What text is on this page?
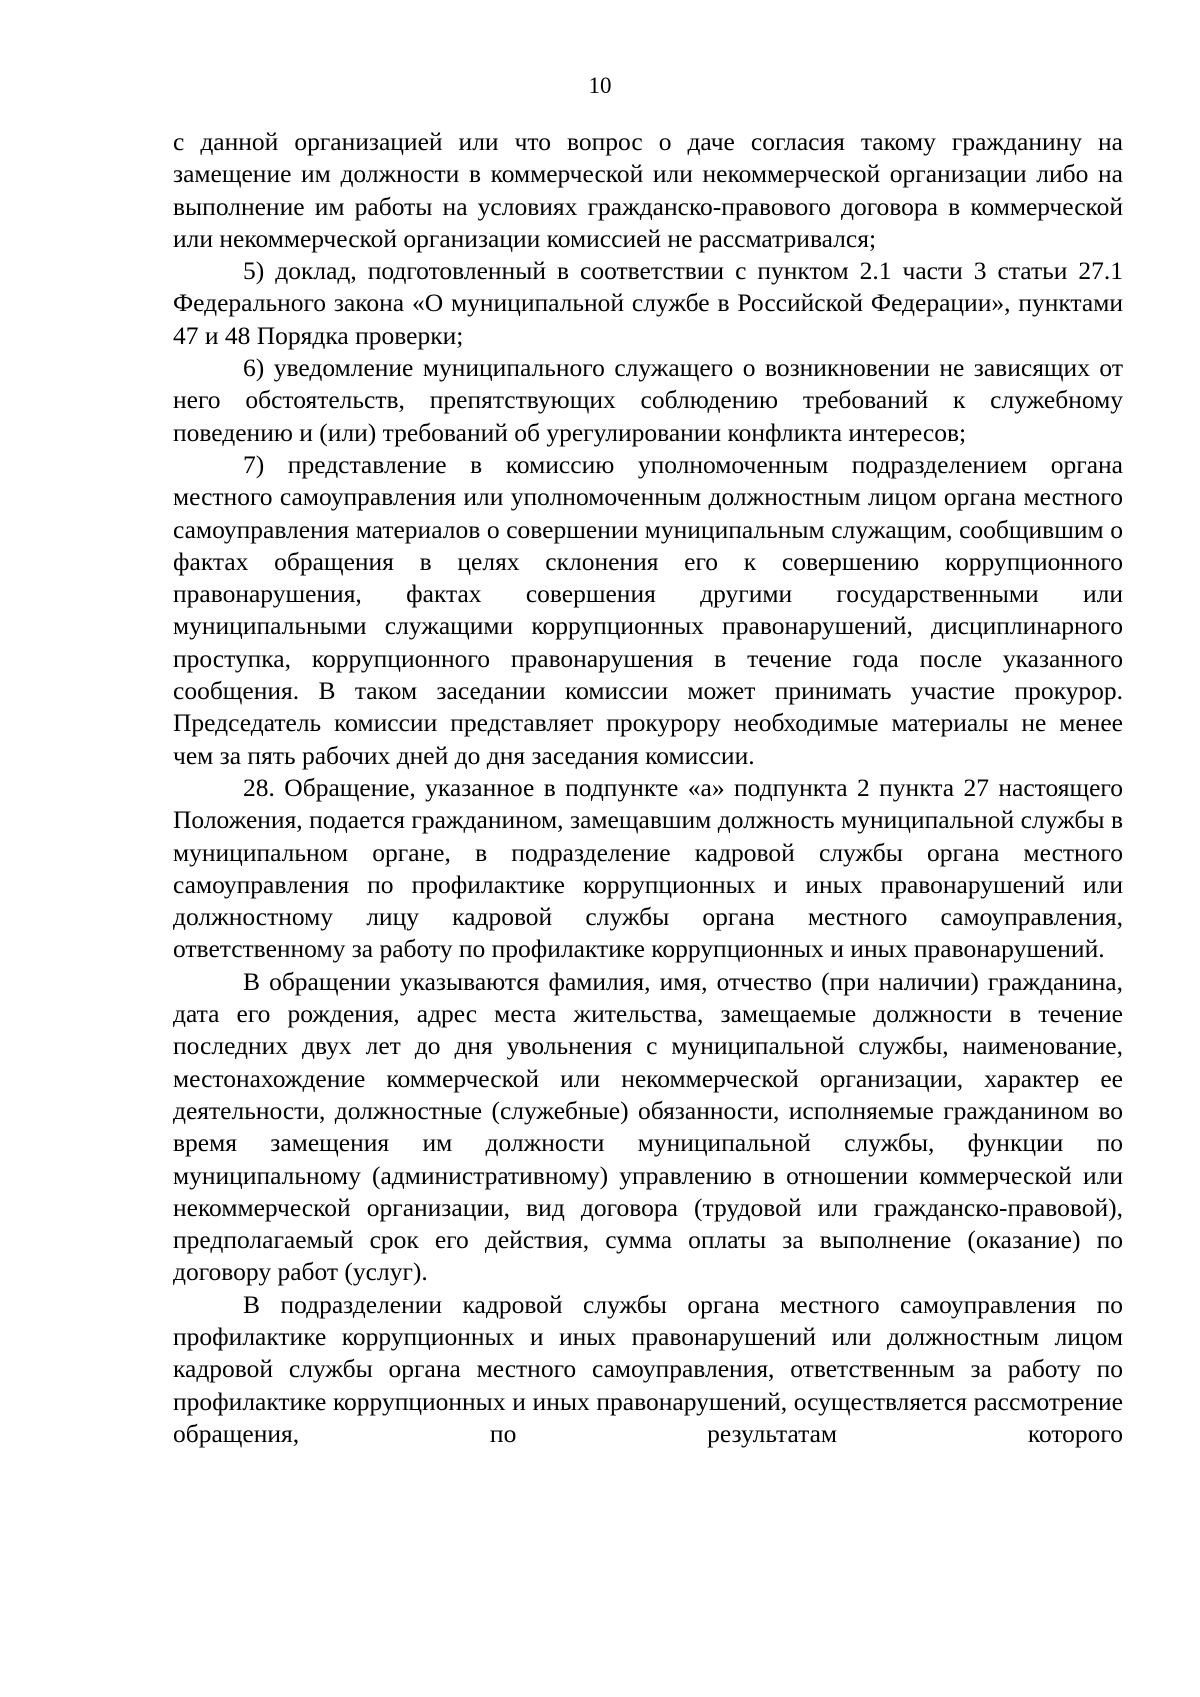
10

с данной организацией или что вопрос о даче согласия такому гражданину на замещение им должности в коммерческой или некоммерческой организации либо на выполнение им работы на условиях гражданско-правового договора в коммерческой или некоммерческой организации комиссией не рассматривался;

5) доклад, подготовленный в соответствии с пунктом 2.1 части 3 статьи 27.1 Федерального закона «О муниципальной службе в Российской Федерации», пунктами 47 и 48 Порядка проверки;

6) уведомление муниципального служащего о возникновении не зависящих от него обстоятельств, препятствующих соблюдению требований к служебному поведению и (или) требований об урегулировании конфликта интересов;

7) представление в комиссию уполномоченным подразделением органа местного самоуправления или уполномоченным должностным лицом органа местного самоуправления материалов о совершении муниципальным служащим, сообщившим о фактах обращения в целях склонения его к совершению коррупционного правонарушения, фактах совершения другими государственными или муниципальными служащими коррупционных правонарушений, дисциплинарного проступка, коррупционного правонарушения в течение года после указанного сообщения. В таком заседании комиссии может принимать участие прокурор. Председатель комиссии представляет прокурору необходимые материалы не менее чем за пять рабочих дней до дня заседания комиссии.

28. Обращение, указанное в подпункте «а» подпункта 2 пункта 27 настоящего Положения, подается гражданином, замещавшим должность муниципальной службы в муниципальном органе, в подразделение кадровой службы органа местного самоуправления по профилактике коррупционных и иных правонарушений или должностному лицу кадровой службы органа местного самоуправления, ответственному за работу по профилактике коррупционных и иных правонарушений.

В обращении указываются фамилия, имя, отчество (при наличии) гражданина, дата его рождения, адрес места жительства, замещаемые должности в течение последних двух лет до дня увольнения с муниципальной службы, наименование, местонахождение коммерческой или некоммерческой организации, характер ее деятельности, должностные (служебные) обязанности, исполняемые гражданином во время замещения им должности муниципальной службы, функции по муниципальному (административному) управлению в отношении коммерческой или некоммерческой организации, вид договора (трудовой или гражданско-правовой), предполагаемый срок его действия, сумма оплаты за выполнение (оказание) по договору работ (услуг).

В подразделении кадровой службы органа местного самоуправления по профилактике коррупционных и иных правонарушений или должностным лицом кадровой службы органа местного самоуправления, ответственным за работу по профилактике коррупционных и иных правонарушений, осуществляется рассмотрение обращения, по результатам которого
